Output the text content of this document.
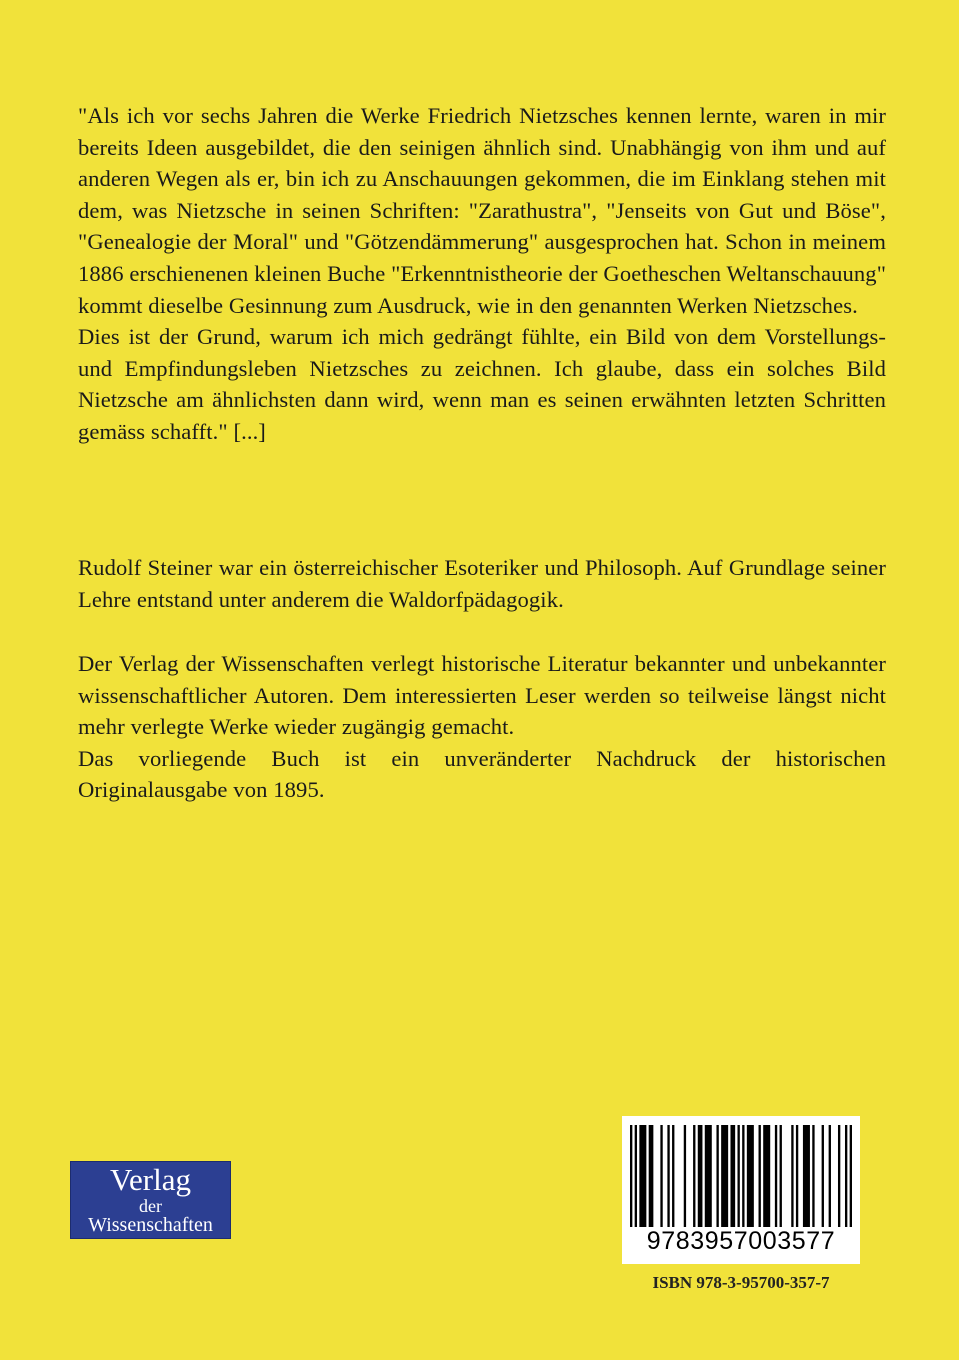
"Als ich vor sechs Jahren die Werke Friedrich Nietzsches kennen lernte, waren in mir bereits Ideen ausgebildet, die den seinigen ähnlich sind. Unabhängig von ihm und auf anderen Wegen als er, bin ich zu Anschauungen gekommen, die im Einklang stehen mit dem, was Nietzsche in seinen Schriften: "Zarathustra", "Jenseits von Gut und Böse", "Genealogie der Moral" und "Götzendämmerung" ausgesprochen hat. Schon in meinem 1886 erschienenen kleinen Buche "Erkenntnistheorie der Goetheschen Weltanschauung" kommt dieselbe Gesinnung zum Ausdruck, wie in den genannten Werken Nietzsches.

Dies ist der Grund, warum ich mich gedrängt fühlte, ein Bild von dem Vorstellungs- und Empfindungsleben Nietzsches zu zeichnen. Ich glaube, dass ein solches Bild Nietzsche am ähnlichsten dann wird, wenn man es seinen erwähnten letzten Schritten gemäss schafft." [...]

Rudolf Steiner war ein österreichischer Esoteriker und Philosoph. Auf Grundlage seiner Lehre entstand unter anderem die Waldorfpädagogik.

Der Verlag der Wissenschaften verlegt historische Literatur bekannter und unbekannter wissenschaftlicher Autoren. Dem interessierten Leser werden so teilweise längst nicht mehr verlegte Werke wieder zugängig gemacht.

Das vorliegende Buch ist ein unveränderter Nachdruck der historischen Originalausgabe von 1895.

Verlag
der
Wissenschaften
9783957003577
ISBN 978-3-95700-357-7
